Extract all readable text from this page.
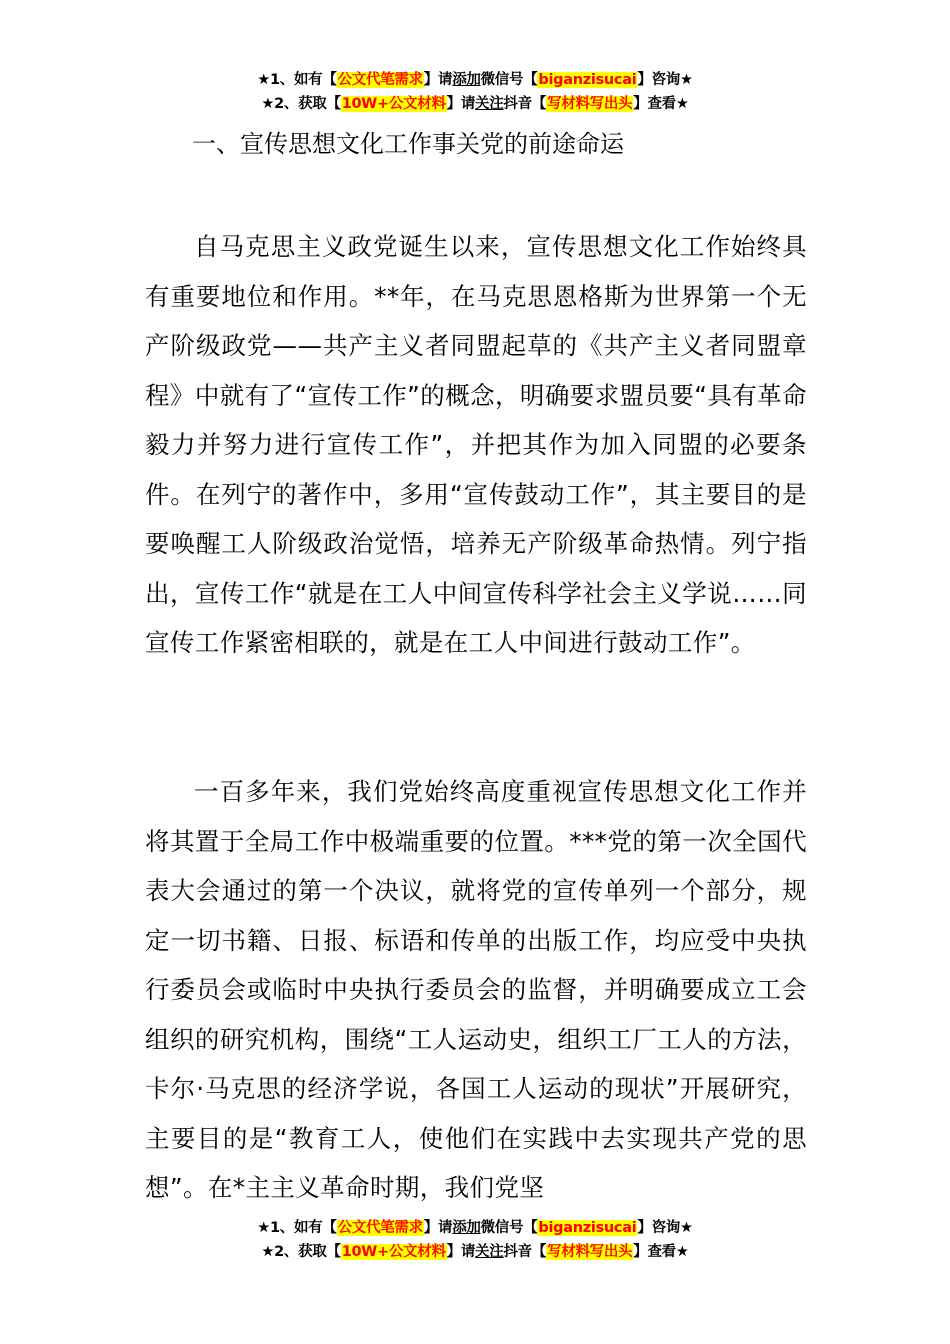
★1、如有【公文代笔需求】请添加微信号【biganzisucai】咨询★
★2、获取【10W+公文材料】请关注抖音【写材料写出头】查看★
一、宣传思想文化工作事关党的前途命运

自马克思主义政党诞生以来，宣传思想文化工作始终具有重要地位和作用。**年，在马克思恩格斯为世界第一个无产阶级政党——共产主义者同盟起草的《共产主义者同盟章程》中就有了“宣传工作”的概念，明确要求盟员要“具有革命毅力并努力进行宣传工作”，并把其作为加入同盟的必要条件。在列宁的著作中，多用“宣传鼓动工作”，其主要目的是要唤醒工人阶级政治觉悟，培养无产阶级革命热情。列宁指出，宣传工作“就是在工人中间宣传科学社会主义学说……同宣传工作紧密相联的，就是在工人中间进行鼓动工作”。

一百多年来，我们党始终高度重视宣传思想文化工作并将其置于全局工作中极端重要的位置。***党的第一次全国代表大会通过的第一个决议，就将党的宣传单列一个部分，规定一切书籍、日报、标语和传单的出版工作，均应受中央执行委员会或临时中央执行委员会的监督，并明确要成立工会组织的研究机构，围绕“工人运动史，组织工厂工人的方法，卡尔·马克思的经济学说，各国工人运动的现状”开展研究，主要目的是“教育工人，使他们在实践中去实现共产党的思想”。在*主主义革命时期，我们党坚

★1、如有【公文代笔需求】请添加微信号【biganzisucai】咨询★
★2、获取【10W+公文材料】请关注抖音【写材料写出头】查看★
